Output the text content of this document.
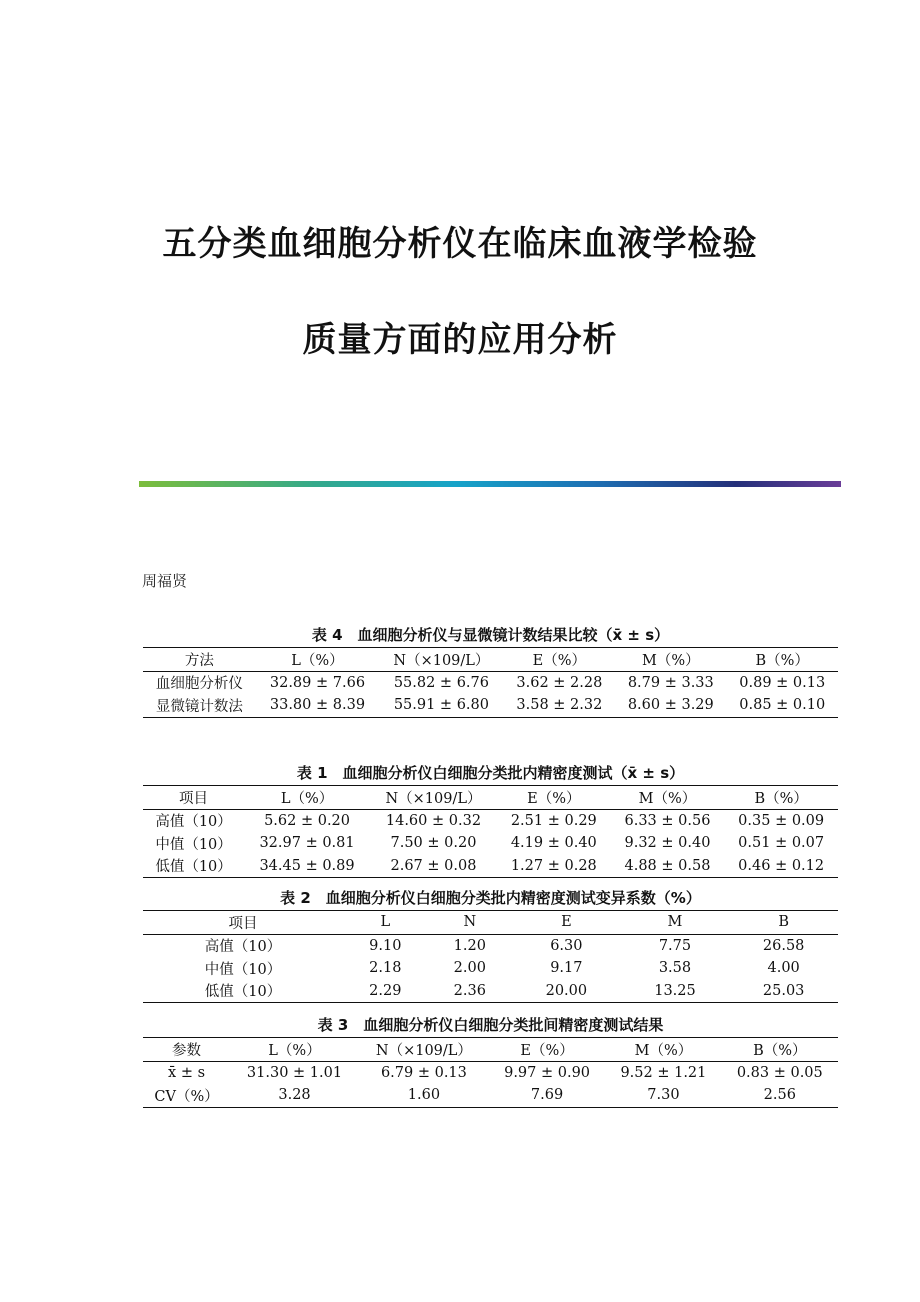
五分类血细胞分析仪在临床血液学检验
质量方面的应用分析
周福贤
表 4　血细胞分析仪与显微镜计数结果比较（x̄ ± s）
方法	L（%）	N（×109/L）	E（%）	M（%）	B（%）
血细胞分析仪	32.89 ± 7.66	55.82 ± 6.76	3.62 ± 2.28	8.79 ± 3.33	0.89 ± 0.13
显微镜计数法	33.80 ± 8.39	55.91 ± 6.80	3.58 ± 2.32	8.60 ± 3.29	0.85 ± 0.10
表 1　血细胞分析仪白细胞分类批内精密度测试（x̄ ± s）
项目	L（%）	N（×109/L）	E（%）	M（%）	B（%）
高值（10）	5.62 ± 0.20	14.60 ± 0.32	2.51 ± 0.29	6.33 ± 0.56	0.35 ± 0.09
中值（10）	32.97 ± 0.81	7.50 ± 0.20	4.19 ± 0.40	9.32 ± 0.40	0.51 ± 0.07
低值（10）	34.45 ± 0.89	2.67 ± 0.08	1.27 ± 0.28	4.88 ± 0.58	0.46 ± 0.12
表 2　血细胞分析仪白细胞分类批内精密度测试变异系数（%）
项目	L	N	E	M	B
高值（10）	9.10	1.20	6.30	7.75	26.58
中值（10）	2.18	2.00	9.17	3.58	4.00
低值（10）	2.29	2.36	20.00	13.25	25.03
表 3　血细胞分析仪白细胞分类批间精密度测试结果
参数	L（%）	N（×109/L）	E（%）	M（%）	B（%）
x̄ ± s	31.30 ± 1.01	6.79 ± 0.13	9.97 ± 0.90	9.52 ± 1.21	0.83 ± 0.05
CV（%）	3.28	1.60	7.69	7.30	2.56
